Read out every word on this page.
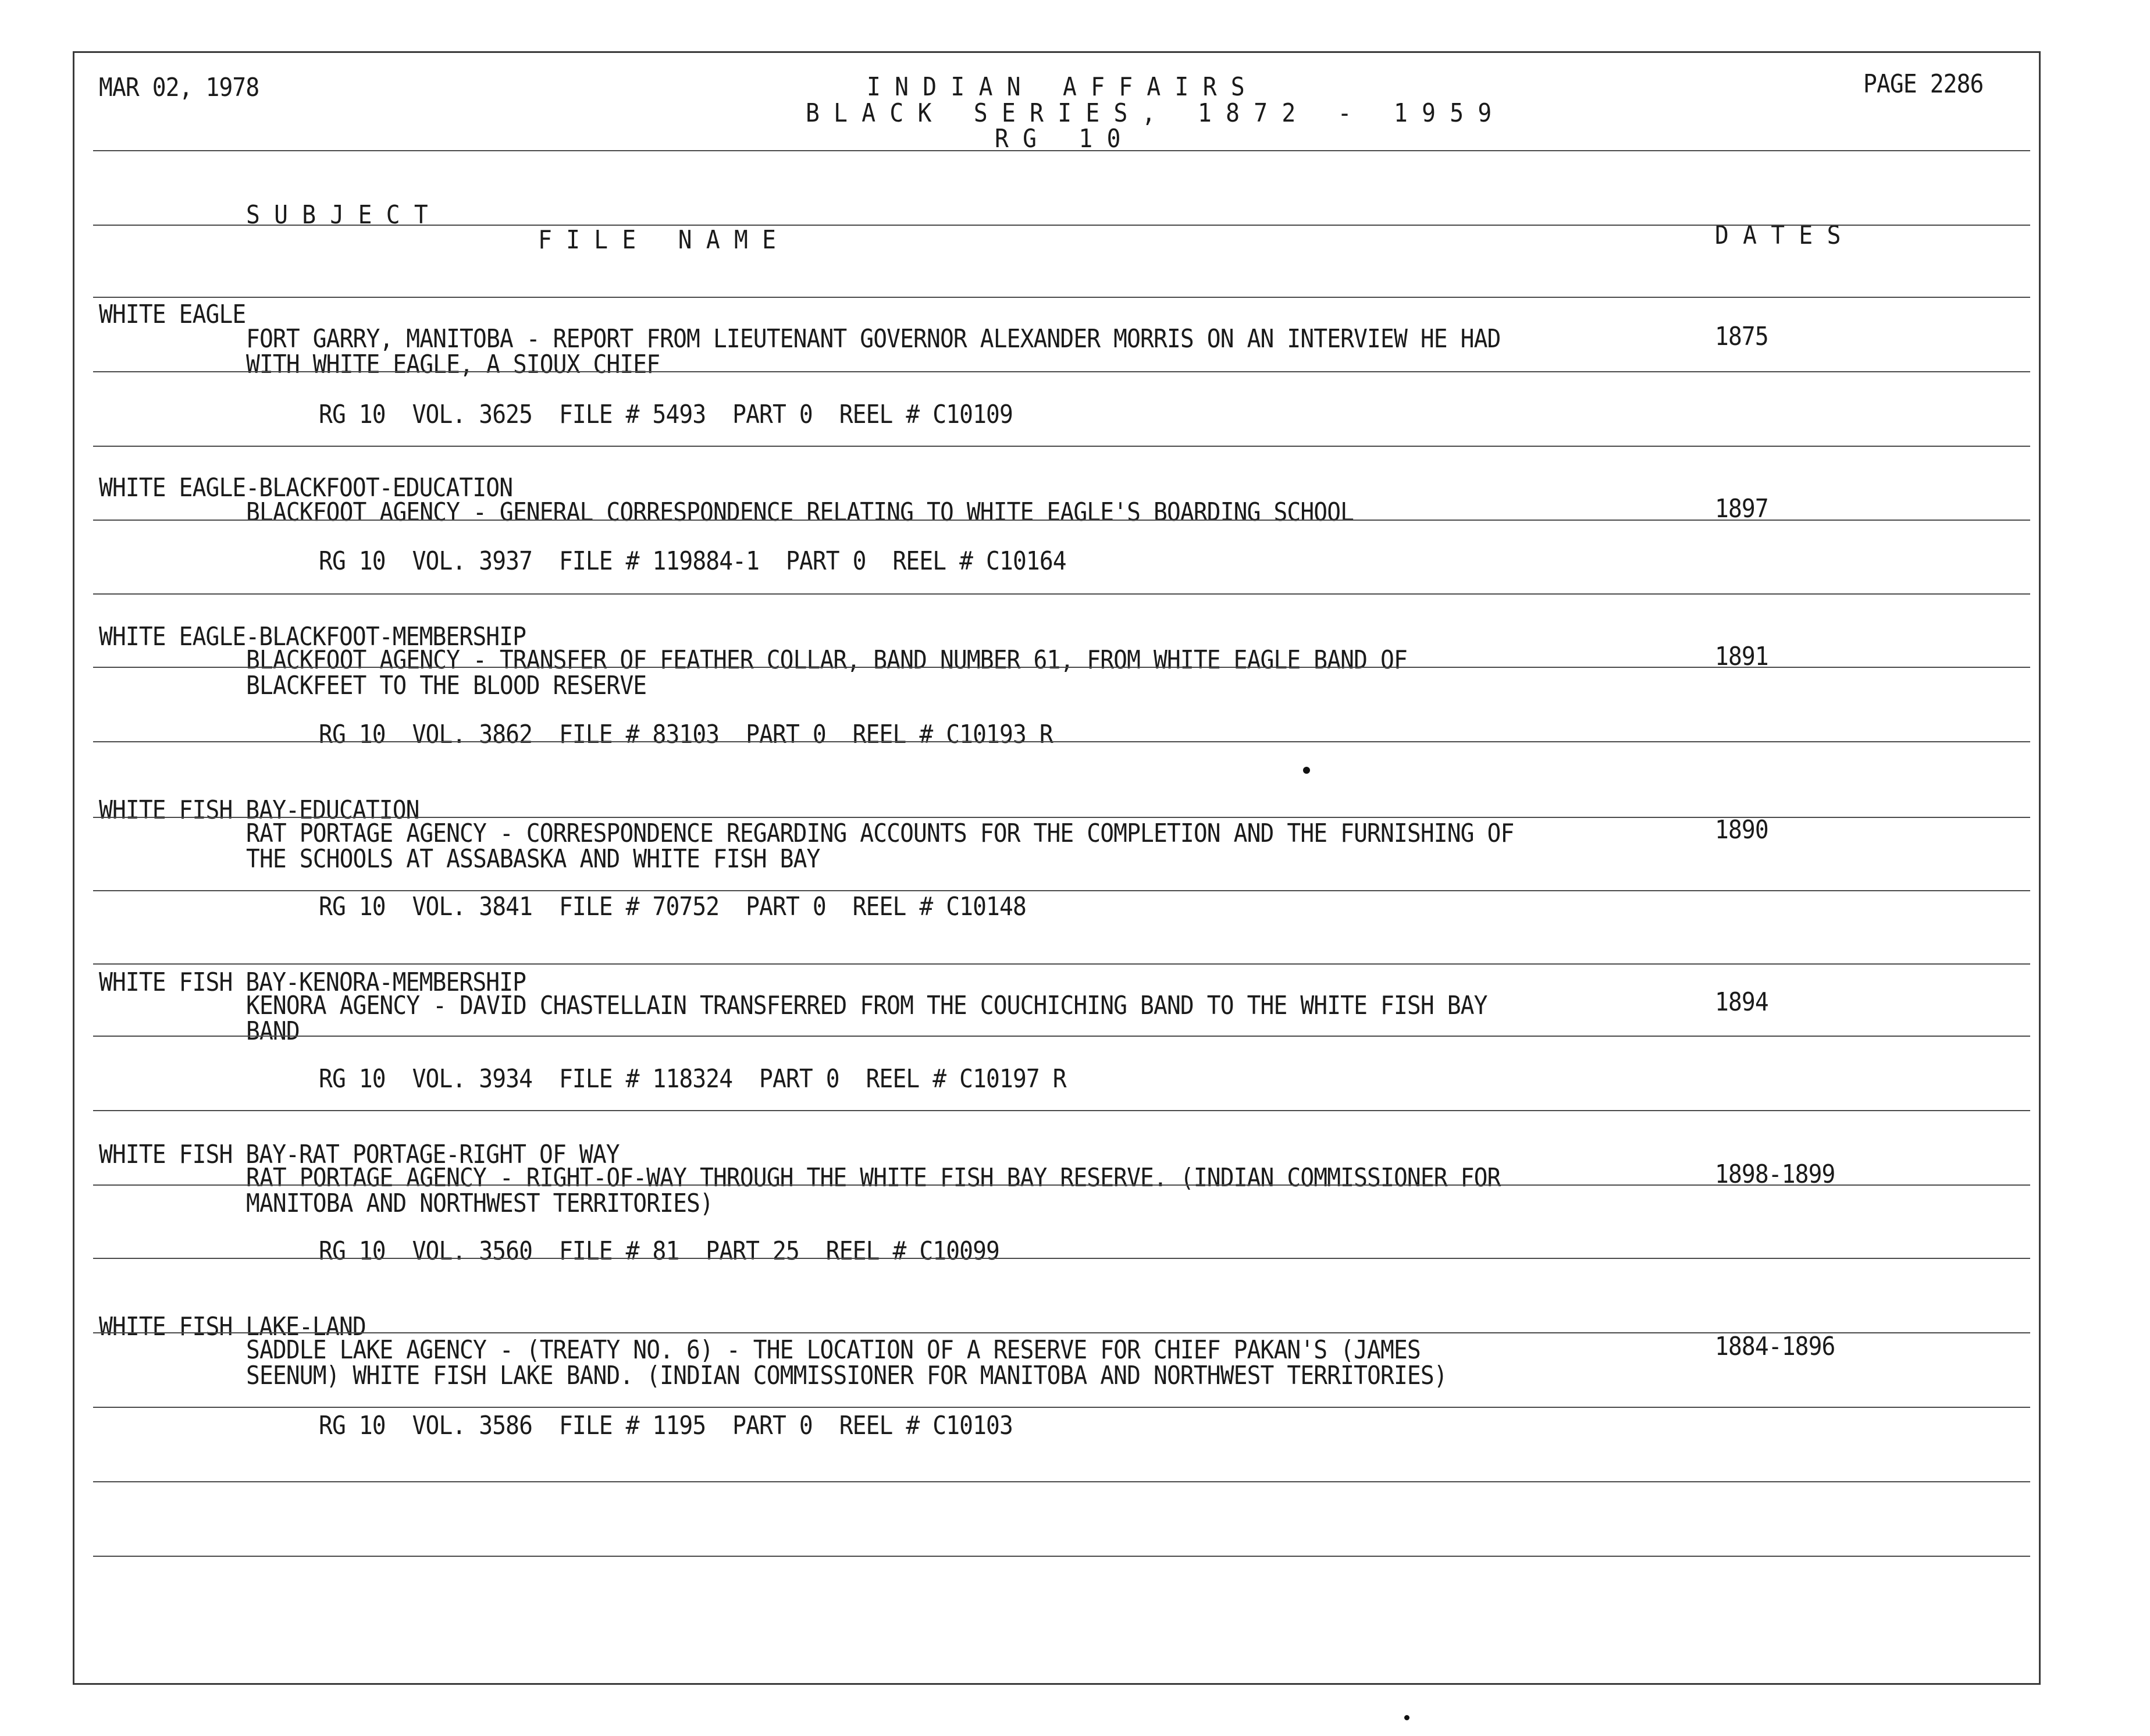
MAR 02, 1978	INDIAN AFFAIRS
BLACK SERIES, 1872 - 1959
RG 10
PAGE 2286
SUBJECT
FILE NAME	DATES
WHITE EAGLE
FORT GARRY, MANITOBA - REPORT FROM LIEUTENANT GOVERNOR ALEXANDER MORRIS ON AN INTERVIEW HE HAD
WITH WHITE EAGLE, A SIOUX CHIEF
1875
RG 10  VOL. 3625  FILE # 5493  PART 0  REEL # C10109
WHITE EAGLE-BLACKFOOT-EDUCATION
BLACKFOOT AGENCY - GENERAL CORRESPONDENCE RELATING TO WHITE EAGLE'S BOARDING SCHOOL	1897
RG 10  VOL. 3937  FILE # 119884-1  PART 0  REEL # C10164
WHITE EAGLE-BLACKFOOT-MEMBERSHIP
BLACKFOOT AGENCY - TRANSFER OF FEATHER COLLAR, BAND NUMBER 61, FROM WHITE EAGLE BAND OF
BLACKFEET TO THE BLOOD RESERVE
1891
RG 10  VOL. 3862  FILE # 83103  PART 0  REEL # C10193 R
WHITE FISH BAY-EDUCATION
RAT PORTAGE AGENCY - CORRESPONDENCE REGARDING ACCOUNTS FOR THE COMPLETION AND THE FURNISHING OF
THE SCHOOLS AT ASSABASKA AND WHITE FISH BAY
1890
RG 10  VOL. 3841  FILE # 70752  PART 0  REEL # C10148
WHITE FISH BAY-KENORA-MEMBERSHIP
KENORA AGENCY - DAVID CHASTELLAIN TRANSFERRED FROM THE COUCHICHING BAND TO THE WHITE FISH BAY
BAND
1894
RG 10  VOL. 3934  FILE # 118324  PART 0  REEL # C10197 R
WHITE FISH BAY-RAT PORTAGE-RIGHT OF WAY
RAT PORTAGE AGENCY - RIGHT-OF-WAY THROUGH THE WHITE FISH BAY RESERVE. (INDIAN COMMISSIONER FOR
MANITOBA AND NORTHWEST TERRITORIES)
1898-1899
RG 10  VOL. 3560  FILE # 81  PART 25  REEL # C10099
WHITE FISH LAKE-LAND
SADDLE LAKE AGENCY - (TREATY NO. 6) - THE LOCATION OF A RESERVE FOR CHIEF PAKAN'S (JAMES
SEENUM) WHITE FISH LAKE BAND. (INDIAN COMMISSIONER FOR MANITOBA AND NORTHWEST TERRITORIES)
1884-1896
RG 10  VOL. 3586  FILE # 1195  PART 0  REEL # C10103
